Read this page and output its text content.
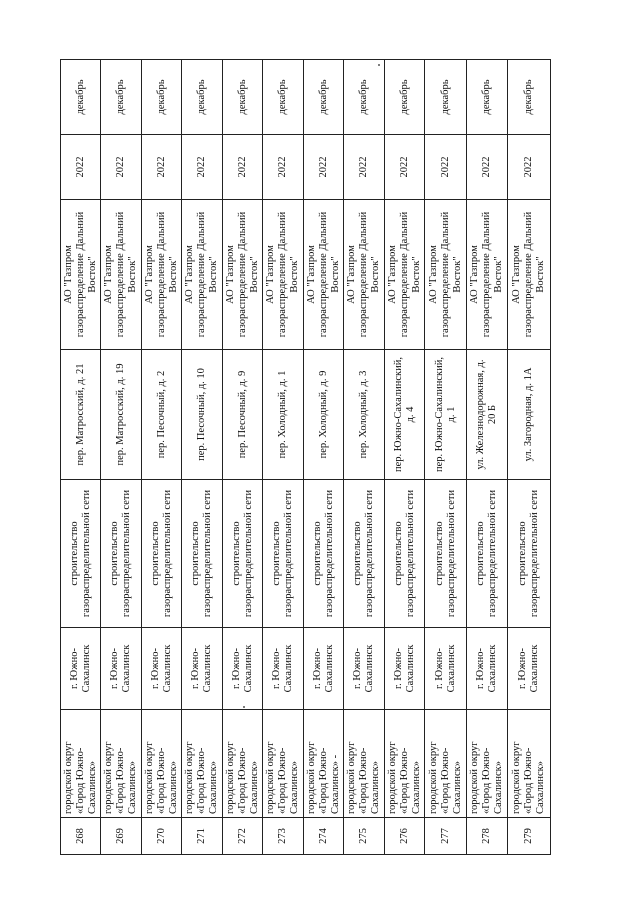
268	городской округ «Город Южно-Сахалинск»	г. Южно-Сахалинск	строительство газораспределительной сети	пер. Матросский, д. 21	АО "Газпром газораспределение Дальний Восток"	2022	декабрь
269	городской округ «Город Южно-Сахалинск»	г. Южно-Сахалинск	строительство газораспределительной сети	пер. Матросский, д. 19	АО "Газпром газораспределение Дальний Восток"	2022	декабрь
270	городской округ «Город Южно-Сахалинск»	г. Южно-Сахалинск	строительство газораспределительной сети	пер. Песочный, д. 2	АО "Газпром газораспределение Дальний Восток"	2022	декабрь
271	городской округ «Город Южно-Сахалинск»	г. Южно-Сахалинск	строительство газораспределительной сети	пер. Песочный, д. 10	АО "Газпром газораспределение Дальний Восток"	2022	декабрь
272	городской округ «Город Южно-Сахалинск»	г. Южно-Сахалинск	строительство газораспределительной сети	пер. Песочный, д. 9	АО "Газпром газораспределение Дальний Восток"	2022	декабрь
273	городской округ «Город Южно-Сахалинск»	г. Южно-Сахалинск	строительство газораспределительной сети	пер. Холодный, д. 1	АО "Газпром газораспределение Дальний Восток"	2022	декабрь
274	городской округ «Город Южно-Сахалинск» -	г. Южно-Сахалинск	строительство газораспределительной сети	пер. Холодный, д. 9	АО "Газпром газораспределение Дальний Восток"	2022	декабрь
275	городской округ «Город Южно-Сахалинск»	г. Южно-Сахалинск	строительство газораспределительной сети	пер. Холодный, д. 3	АО "Газпром газораспределение Дальний Восток"	2022	декабрь
276	городской округ «Город Южно-Сахалинск»	г. Южно-Сахалинск	строительство газораспределительной сети	пер. Южно-Сахалинский, д. 4	АО "Газпром газораспределение Дальний Восток"	2022	декабрь
277	городской округ «Город Южно-Сахалинск»	г. Южно-Сахалинск	строительство газораспределительной сети	пер. Южно-Сахалинский, д. 1	АО "Газпром газораспределение Дальний Восток"	2022	декабрь
278	городской округ «Город Южно-Сахалинск»	г. Южно-Сахалинск	строительство газораспределительной сети	ул. Железнодорожная, д. 20 Б	АО "Газпром газораспределение Дальний Восток"	2022	декабрь
279	городской округ «Город Южно-Сахалинск»	г. Южно-Сахалинск	строительство газораспределительной сети	ул. Загородная, д. 1А	АО "Газпром газораспределение Дальний Восток"	2022	декабрь
